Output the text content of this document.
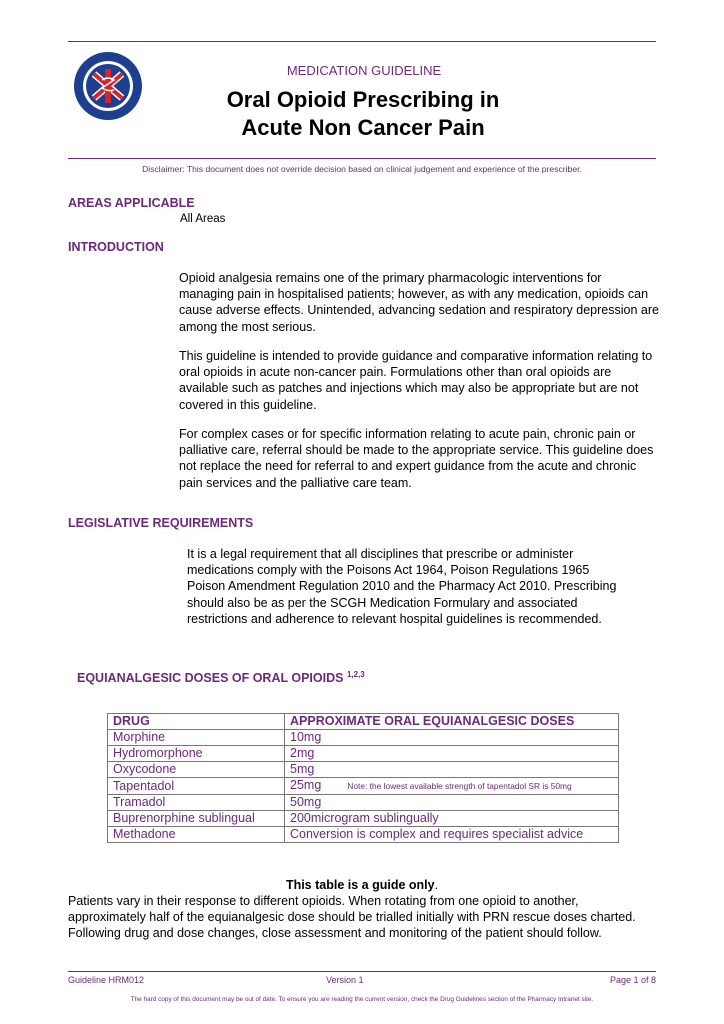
MEDICATION GUIDELINE
Oral Opioid Prescribing in
Acute Non Cancer Pain
Disclaimer: This document does not override decision based on clinical judgement and experience of the prescriber.
AREAS APPLICABLE
All Areas
INTRODUCTION
Opioid analgesia remains one of the primary pharmacologic interventions for managing pain in hospitalised patients; however, as with any medication, opioids can cause adverse effects. Unintended, advancing sedation and respiratory depression are among the most serious.
This guideline is intended to provide guidance and comparative information relating to oral opioids in acute non-cancer pain. Formulations other than oral opioids are available such as patches and injections which may also be appropriate but are not covered in this guideline.
For complex cases or for specific information relating to acute pain, chronic pain or palliative care, referral should be made to the appropriate service. This guideline does not replace the need for referral to and expert guidance from the acute and chronic pain services and the palliative care team.
LEGISLATIVE REQUIREMENTS
It is a legal requirement that all disciplines that prescribe or administer medications comply with the Poisons Act 1964, Poison Regulations 1965 Poison Amendment Regulation 2010 and the Pharmacy Act 2010. Prescribing should also be as per the SCGH Medication Formulary and associated restrictions and adherence to relevant hospital guidelines is recommended.
EQUIANALGESIC DOSES OF ORAL OPIOIDS $^{1,2,3}$
DRUG	APPROXIMATE ORAL EQUIANALGESIC DOSES
Morphine	10mg
Hydromorphone	2mg
Oxycodone	5mg
Tapentadol	25mg Note: the lowest available strength of tapentadol SR is 50mg
Tramadol	50mg
Buprenorphine sublingual	200microgram sublingually
Methadone	Conversion is complex and requires specialist advice
This table is a guide only.
Patients vary in their response to different opioids. When rotating from one opioid to another, approximately half of the equianalgesic dose should be trialled initially with PRN rescue doses charted. Following drug and dose changes, close assessment and monitoring of the patient should follow.
Guideline HRM012	Version 1	Page 1 of 8
The hard copy of this document may be out of date. To ensure you are reading the current version, check the Drug Guidelines section of the Pharmacy Intranet site.
